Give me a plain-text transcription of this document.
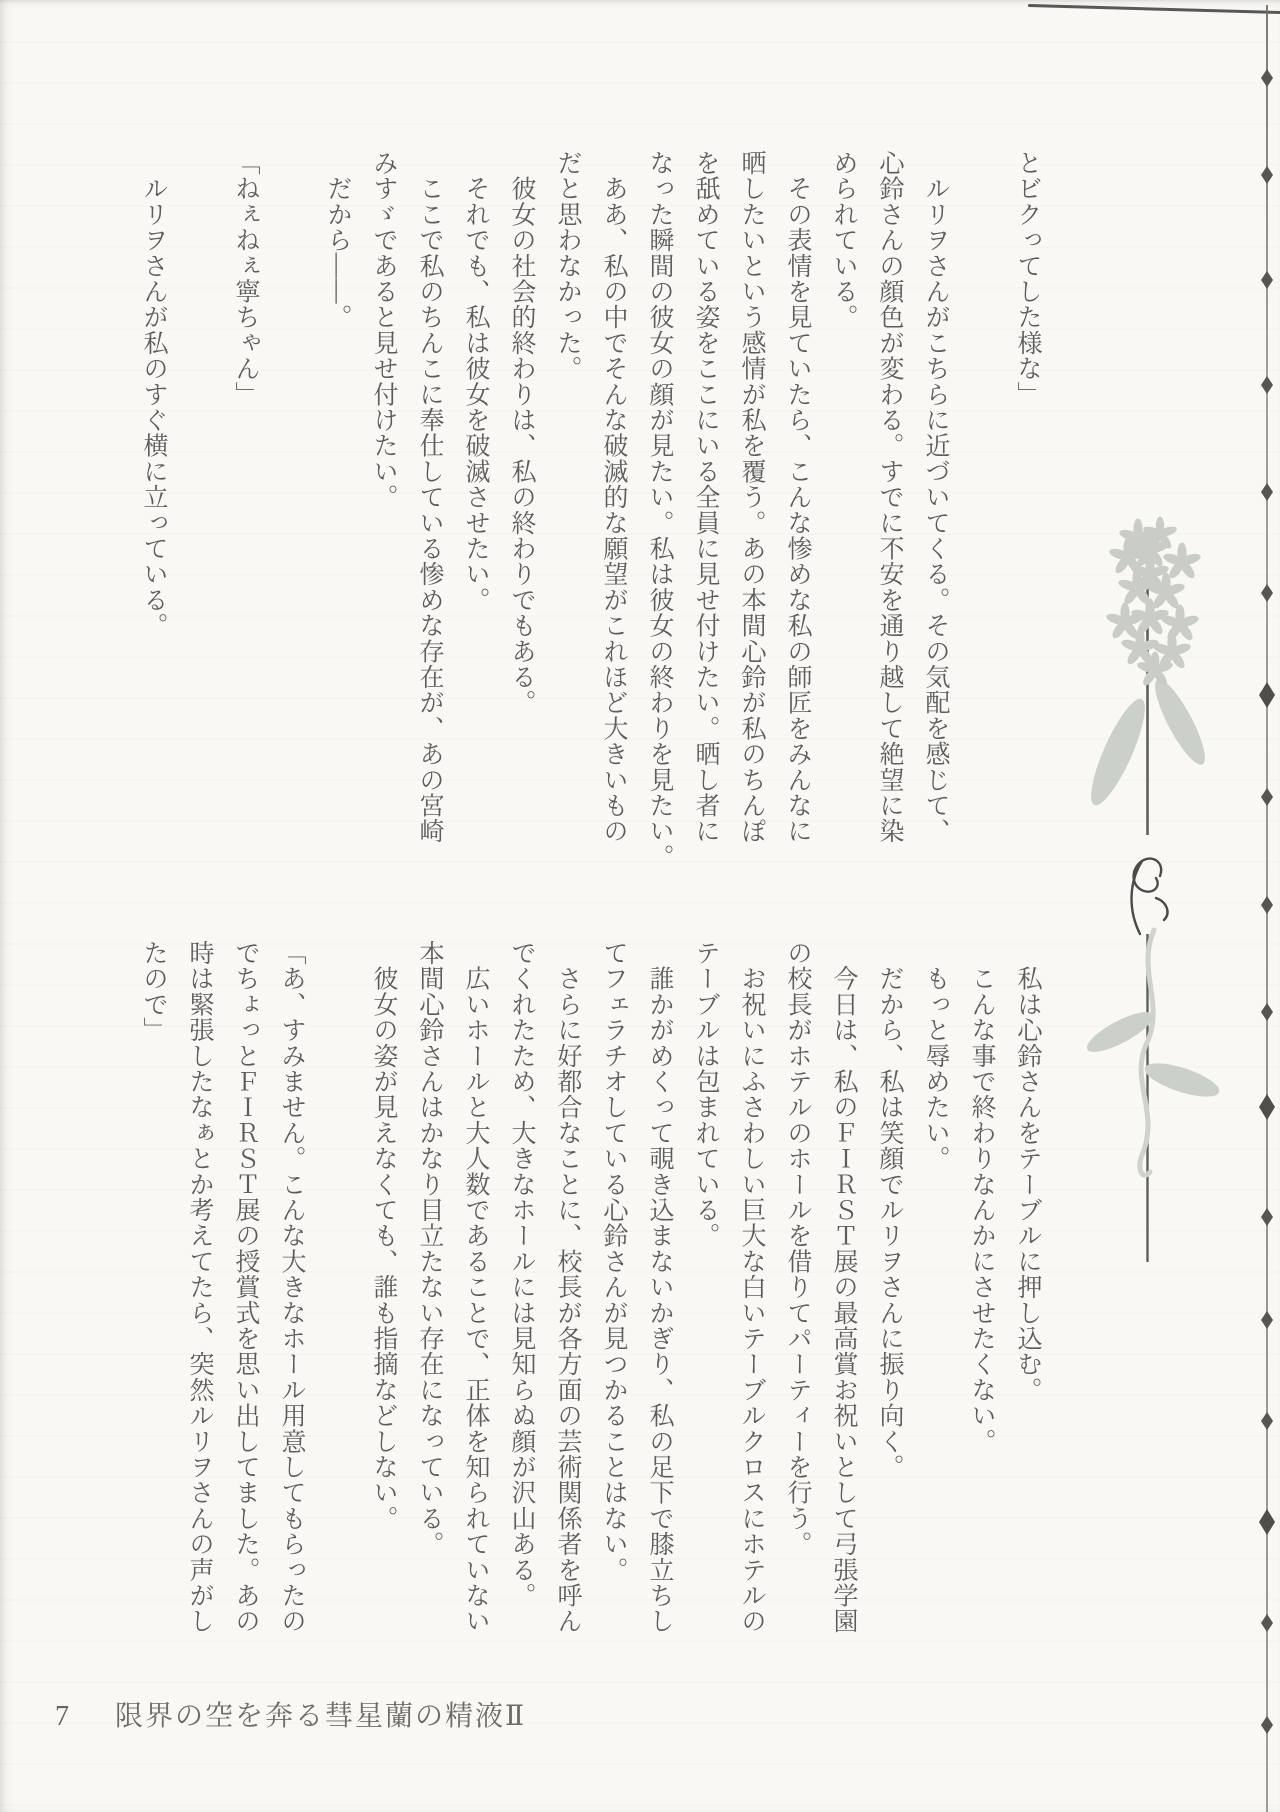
とビクってした様な」

　ルリヲさんがこちらに近づいてくる。その気配を感じて、

心鈴さんの顔色が変わる。すでに不安を通り越して絶望に染

められている。

　その表情を見ていたら、こんな惨めな私の師匠をみんなに

晒したいという感情が私を覆う。あの本間心鈴が私のちんぽ

を舐めている姿をここにいる全員に見せ付けたい。晒し者に

なった瞬間の彼女の顔が見たい。私は彼女の終わりを見たい。

　ああ、私の中でそんな破滅的な願望がこれほど大きいもの

だと思わなかった。

　彼女の社会的終わりは、私の終わりでもある。

　それでも、私は彼女を破滅させたい。

　ここで私のちんこに奉仕している惨めな存在が、あの宮崎

みすゞであると見せ付けたい。

　だから――。

「ねぇねぇ寧ちゃん」

　ルリヲさんが私のすぐ横に立っている。

　私は心鈴さんをテーブルに押し込む。

　こんな事で終わりなんかにさせたくない。

　もっと辱めたい。

　だから、私は笑顔でルリヲさんに振り向く。

　今日は、私のＦＩＲＳＴ展の最高賞お祝いとして弓張学園

の校長がホテルのホールを借りてパーティーを行う。

　お祝いにふさわしい巨大な白いテーブルクロスにホテルの

テーブルは包まれている。

　誰かがめくって覗き込まないかぎり、私の足下で膝立ちし

てフェラチオしている心鈴さんが見つかることはない。

　さらに好都合なことに、校長が各方面の芸術関係者を呼ん

でくれたため、大きなホールには見知らぬ顔が沢山ある。

　広いホールと大人数であることで、正体を知られていない

本間心鈴さんはかなり目立たない存在になっている。

　彼女の姿が見えなくても、誰も指摘などしない。

「あ、すみません。こんな大きなホール用意してもらったの

でちょっとＦＩＲＳＴ展の授賞式を思い出してました。あの

時は緊張したなぁとか考えてたら、突然ルリヲさんの声がし

たので」

7 限界の空を奔る彗星蘭の精液Ⅱ
